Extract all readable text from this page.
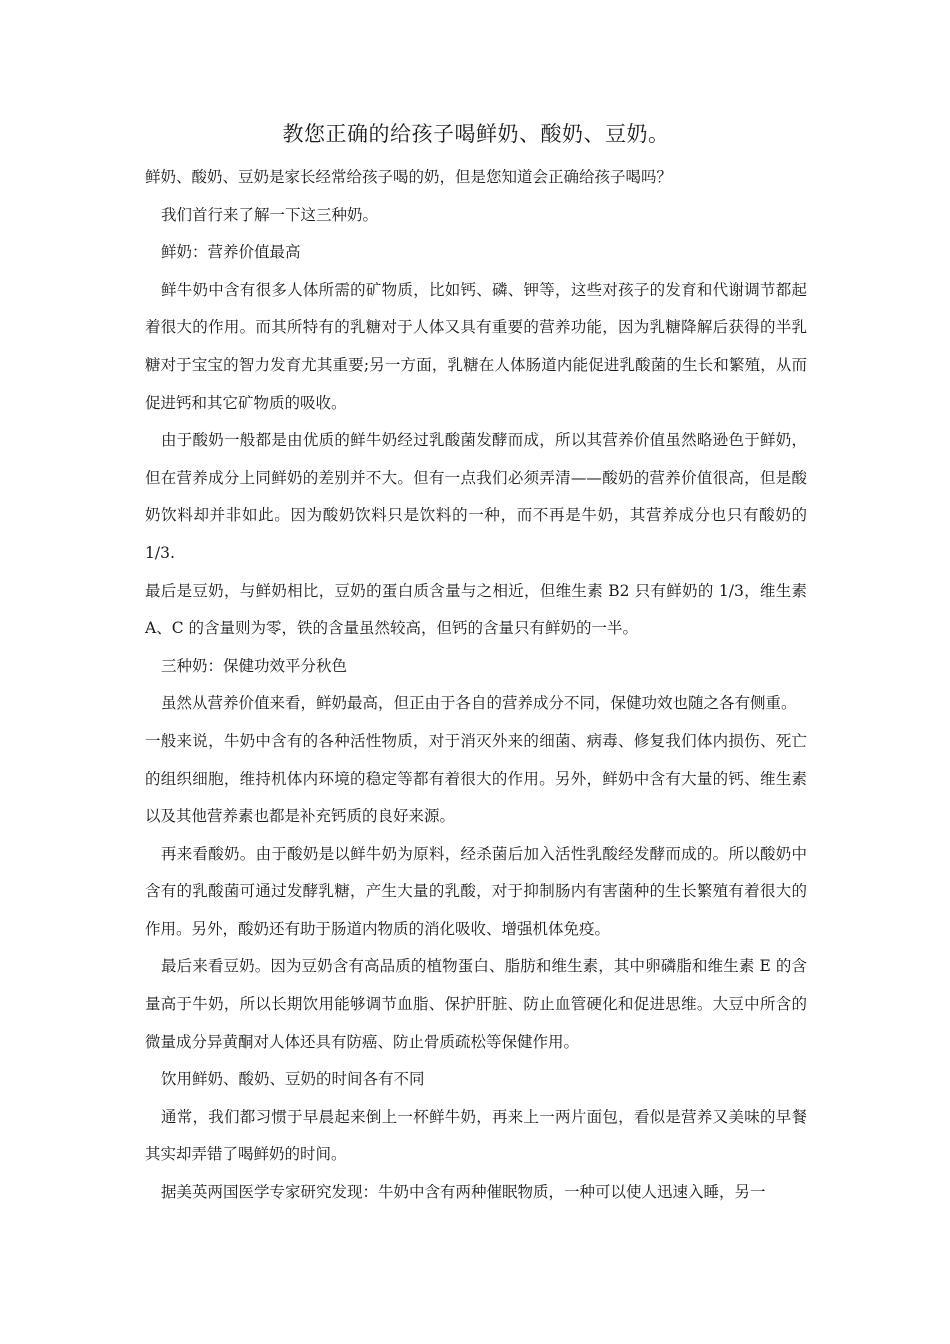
教您正确的给孩子喝鲜奶、酸奶、豆奶。

鲜奶、酸奶、豆奶是家长经常给孩子喝的奶，但是您知道会正确给孩子喝吗？

我们首行来了解一下这三种奶。

鲜奶：营养价值最高

鲜牛奶中含有很多人体所需的矿物质，比如钙、磷、钾等，这些对孩子的发育和代谢调节都起着很大的作用。而其所特有的乳糖对于人体又具有重要的营养功能，因为乳糖降解后获得的半乳糖对于宝宝的智力发育尤其重要;另一方面，乳糖在人体肠道内能促进乳酸菌的生长和繁殖，从而促进钙和其它矿物质的吸收。

由于酸奶一般都是由优质的鲜牛奶经过乳酸菌发酵而成，所以其营养价值虽然略逊色于鲜奶，但在营养成分上同鲜奶的差别并不大。但有一点我们必须弄清——酸奶的营养价值很高，但是酸奶饮料却并非如此。因为酸奶饮料只是饮料的一种，而不再是牛奶，其营养成分也只有酸奶的 1/3.

最后是豆奶，与鲜奶相比，豆奶的蛋白质含量与之相近，但维生素 B2 只有鲜奶的 1/3，维生素 A、C 的含量则为零，铁的含量虽然较高，但钙的含量只有鲜奶的一半。

三种奶：保健功效平分秋色

虽然从营养价值来看，鲜奶最高，但正由于各自的营养成分不同，保健功效也随之各有侧重。

一般来说，牛奶中含有的各种活性物质，对于消灭外来的细菌、病毒、修复我们体内损伤、死亡的组织细胞，维持机体内环境的稳定等都有着很大的作用。另外，鲜奶中含有大量的钙、维生素以及其他营养素也都是补充钙质的良好来源。

再来看酸奶。由于酸奶是以鲜牛奶为原料，经杀菌后加入活性乳酸经发酵而成的。所以酸奶中含有的乳酸菌可通过发酵乳糖，产生大量的乳酸，对于抑制肠内有害菌种的生长繁殖有着很大的作用。另外，酸奶还有助于肠道内物质的消化吸收、增强机体免疫。

最后来看豆奶。因为豆奶含有高品质的植物蛋白、脂肪和维生素，其中卵磷脂和维生素 E 的含量高于牛奶，所以长期饮用能够调节血脂、保护肝脏、防止血管硬化和促进思维。大豆中所含的微量成分异黄酮对人体还具有防癌、防止骨质疏松等保健作用。

饮用鲜奶、酸奶、豆奶的时间各有不同

通常，我们都习惯于早晨起来倒上一杯鲜牛奶，再来上一两片面包，看似是营养又美味的早餐其实却弄错了喝鲜奶的时间。

据美英两国医学专家研究发现：牛奶中含有两种催眠物质，一种可以使人迅速入睡，另一
